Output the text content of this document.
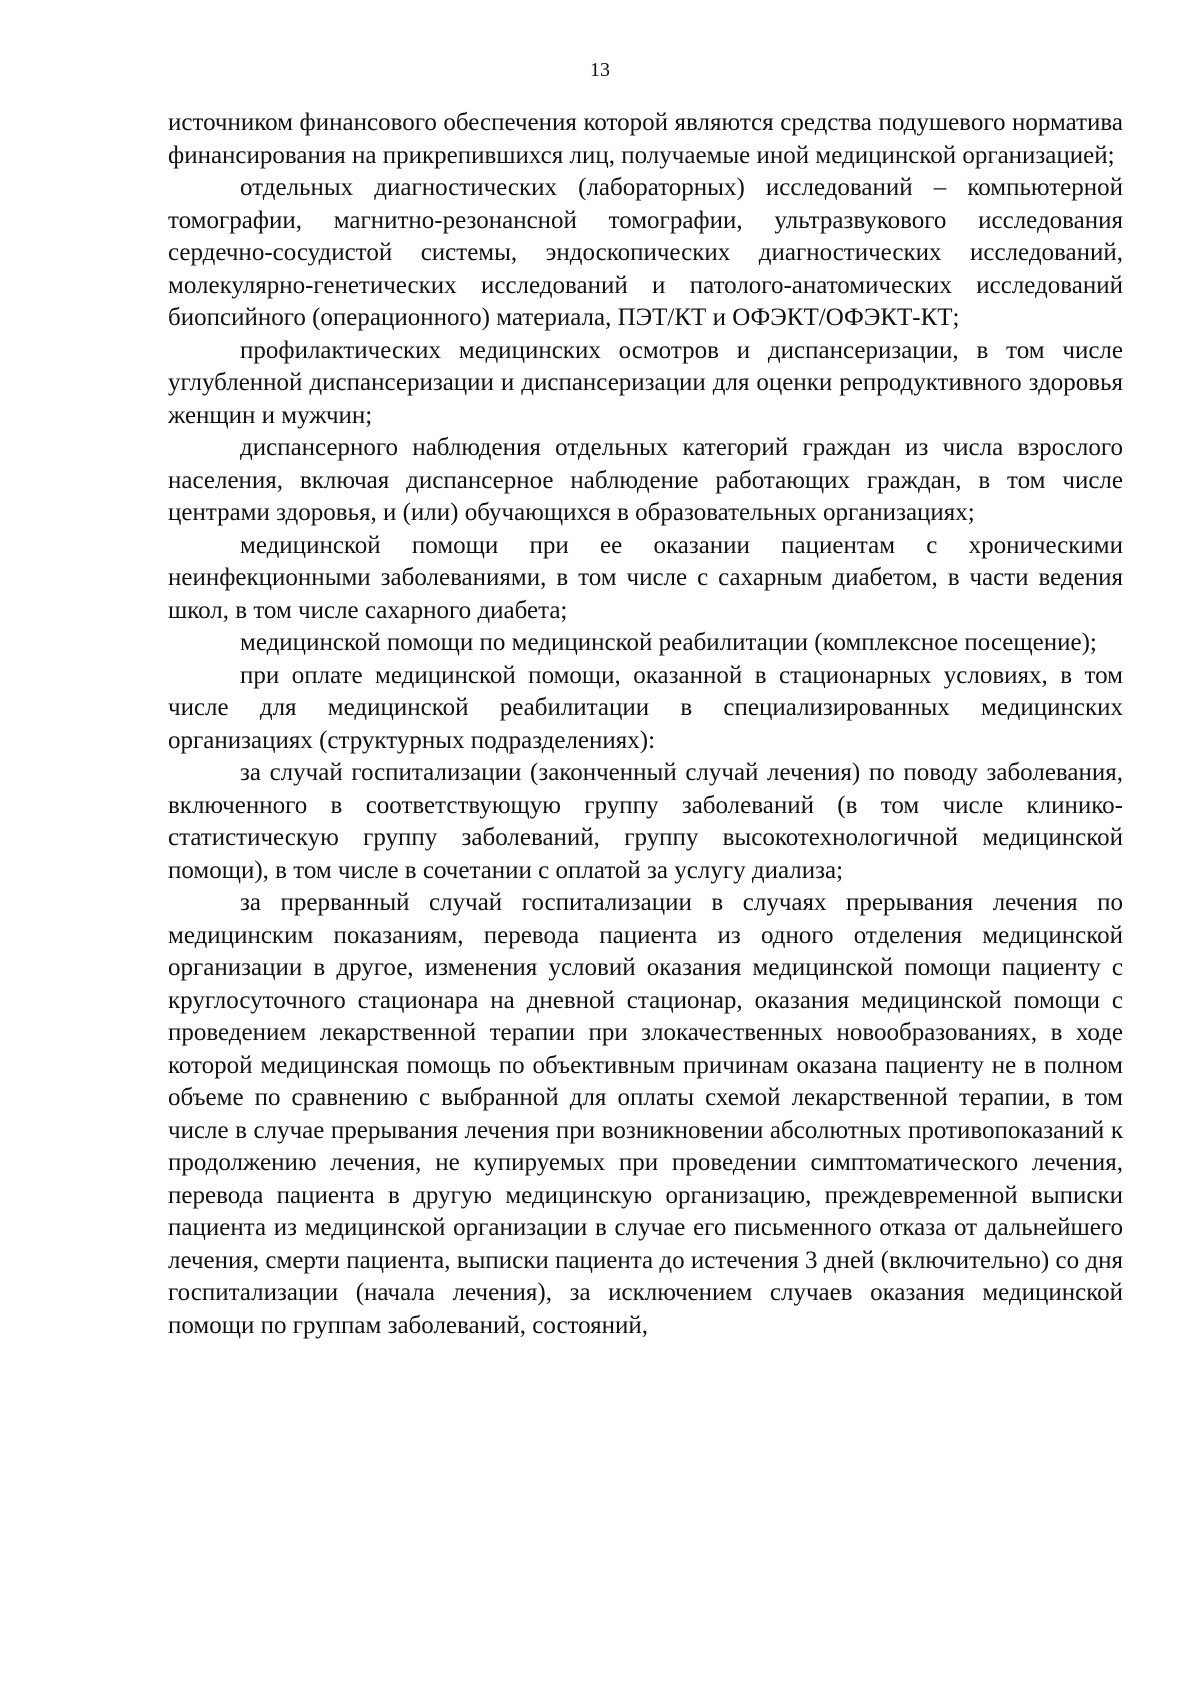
13

источником финансового обеспечения которой являются средства подушевого норматива финансирования на прикрепившихся лиц, получаемые иной медицинской организацией;

отдельных диагностических (лабораторных) исследований – компьютерной томографии, магнитно-резонансной томографии, ультразвукового исследования сердечно-сосудистой системы, эндоскопических диагностических исследований, молекулярно-генетических исследований и патолого-анатомических исследований биопсийного (операционного) материала, ПЭТ/КТ и ОФЭКТ/ОФЭКТ-КТ;

профилактических медицинских осмотров и диспансеризации, в том числе углубленной диспансеризации и диспансеризации для оценки репродуктивного здоровья женщин и мужчин;

диспансерного наблюдения отдельных категорий граждан из числа взрослого населения, включая диспансерное наблюдение работающих граждан, в том числе центрами здоровья, и (или) обучающихся в образовательных организациях;

медицинской помощи при ее оказании пациентам с хроническими неинфекционными заболеваниями, в том числе с сахарным диабетом, в части ведения школ, в том числе сахарного диабета;

медицинской помощи по медицинской реабилитации (комплексное посещение);

при оплате медицинской помощи, оказанной в стационарных условиях, в том числе для медицинской реабилитации в специализированных медицинских организациях (структурных подразделениях):

за случай госпитализации (законченный случай лечения) по поводу заболевания, включенного в соответствующую группу заболеваний (в том числе клинико-статистическую группу заболеваний, группу высокотехнологичной медицинской помощи), в том числе в сочетании с оплатой за услугу диализа;

за прерванный случай госпитализации в случаях прерывания лечения по медицинским показаниям, перевода пациента из одного отделения медицинской организации в другое, изменения условий оказания медицинской помощи пациенту с круглосуточного стационара на дневной стационар, оказания медицинской помощи с проведением лекарственной терапии при злокачественных новообразованиях, в ходе которой медицинская помощь по объективным причинам оказана пациенту не в полном объеме по сравнению с выбранной для оплаты схемой лекарственной терапии, в том числе в случае прерывания лечения при возникновении абсолютных противопоказаний к продолжению лечения, не купируемых при проведении симптоматического лечения, перевода пациента в другую медицинскую организацию, преждевременной выписки пациента из медицинской организации в случае его письменного отказа от дальнейшего лечения, смерти пациента, выписки пациента до истечения 3 дней (включительно) со дня госпитализации (начала лечения), за исключением случаев оказания медицинской помощи по группам заболеваний, состояний,
